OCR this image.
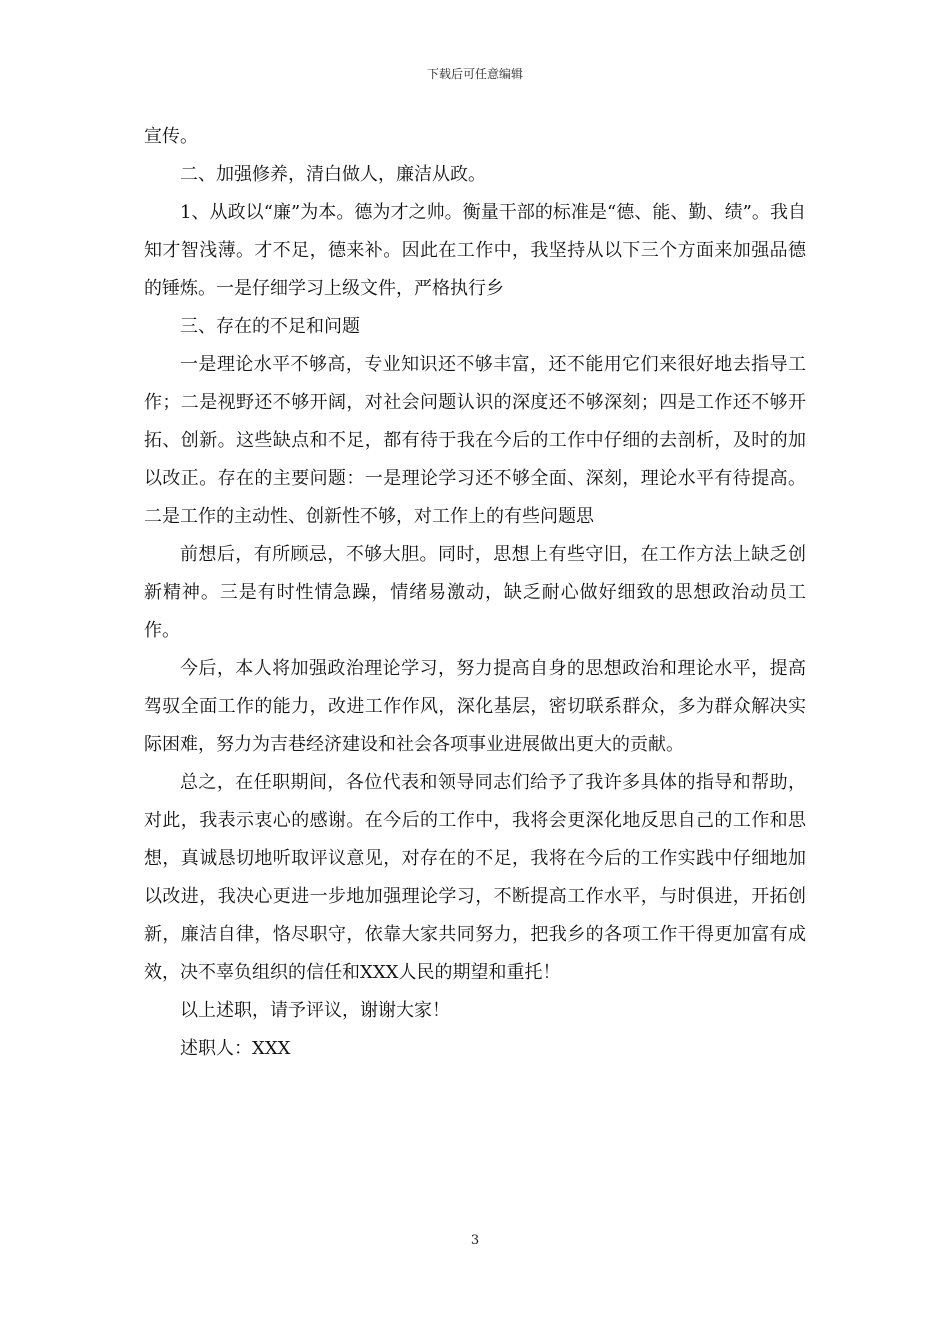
下载后可任意编辑

宣传。

二、加强修养，清白做人，廉洁从政。

1、从政以“廉”为本。德为才之帅。衡量干部的标准是“德、能、勤、绩”。我自知才智浅薄。才不足，德来补。因此在工作中，我坚持从以下三个方面来加强品德的锤炼。一是仔细学习上级文件，严格执行乡

三、存在的不足和问题

一是理论水平不够高，专业知识还不够丰富，还不能用它们来很好地去指导工作；二是视野还不够开阔，对社会问题认识的深度还不够深刻；四是工作还不够开拓、创新。这些缺点和不足，都有待于我在今后的工作中仔细的去剖析，及时的加以改正。存在的主要问题：一是理论学习还不够全面、深刻，理论水平有待提高。二是工作的主动性、创新性不够，对工作上的有些问题思

前想后，有所顾忌，不够大胆。同时，思想上有些守旧，在工作方法上缺乏创新精神。三是有时性情急躁，情绪易激动，缺乏耐心做好细致的思想政治动员工作。

今后，本人将加强政治理论学习，努力提高自身的思想政治和理论水平，提高驾驭全面工作的能力，改进工作作风，深化基层，密切联系群众，多为群众解决实际困难，努力为吉巷经济建设和社会各项事业进展做出更大的贡献。

总之，在任职期间，各位代表和领导同志们给予了我许多具体的指导和帮助，对此，我表示衷心的感谢。在今后的工作中，我将会更深化地反思自己的工作和思想，真诚恳切地听取评议意见，对存在的不足，我将在今后的工作实践中仔细地加以改进，我决心更进一步地加强理论学习，不断提高工作水平，与时俱进，开拓创新，廉洁自律，恪尽职守，依靠大家共同努力，把我乡的各项工作干得更加富有成效，决不辜负组织的信任和XXX人民的期望和重托！

以上述职，请予评议，谢谢大家！

述职人：XXX

3
